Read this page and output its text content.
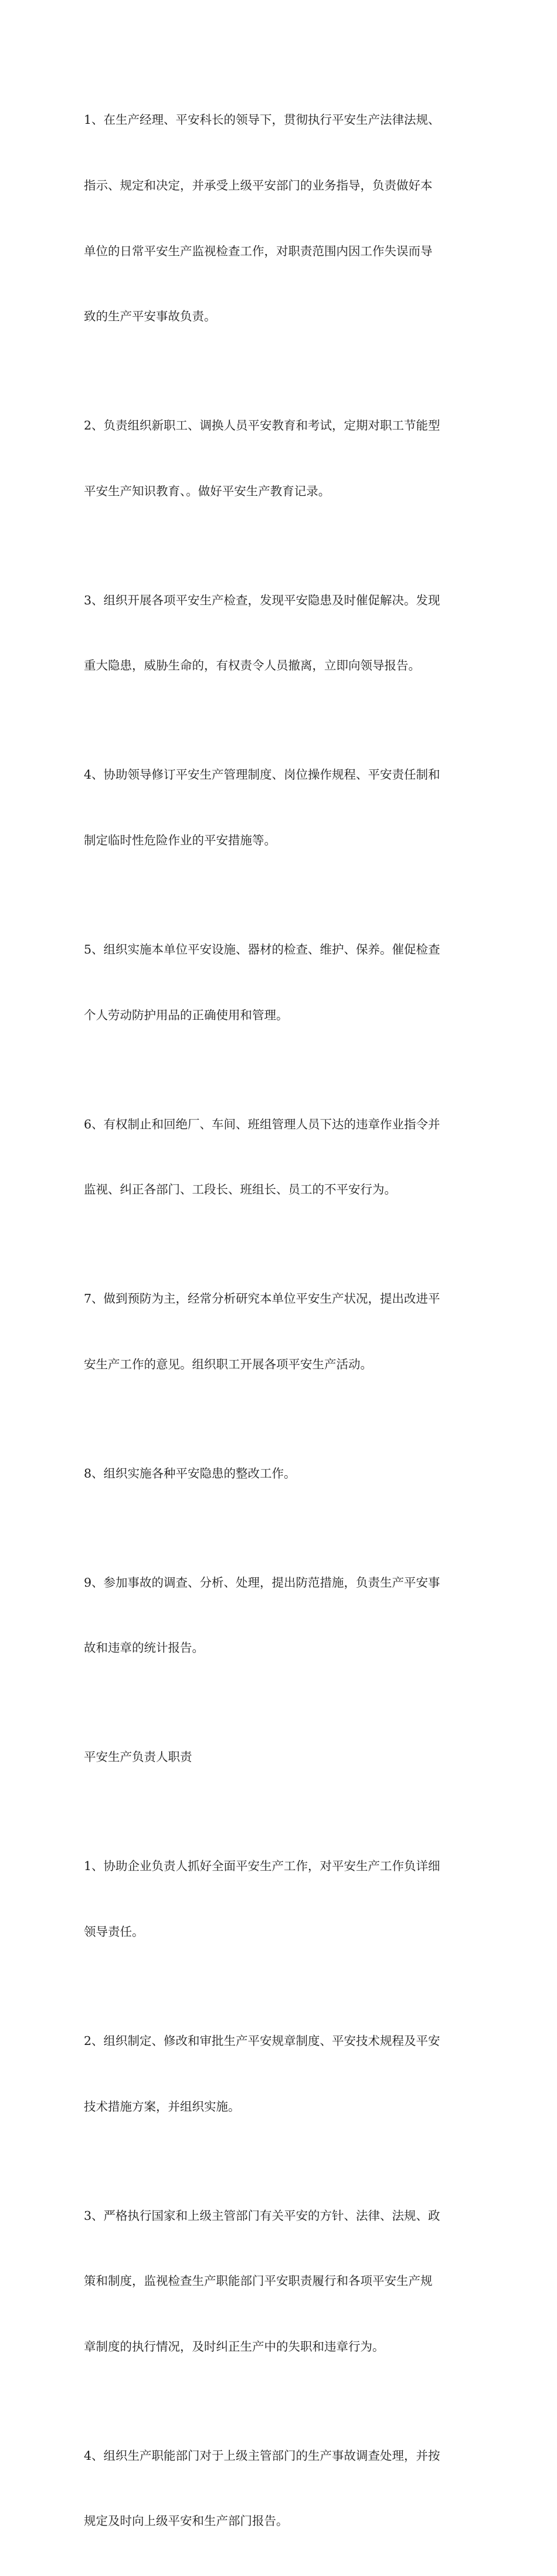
1、在生产经理、平安科长的领导下，贯彻执行平安生产法律法规、

指示、规定和决定，并承受上级平安部门的业务指导，负责做好本

单位的日常平安生产监视检查工作，对职责范围内因工作失误而导

致的生产平安事故负责。

2、负责组织新职工、调换人员平安教育和考试，定期对职工节能型

平安生产知识教育、。做好平安生产教育记录。

3、组织开展各项平安生产检查，发现平安隐患及时催促解决。发现

重大隐患，威胁生命的，有权责令人员撤离，立即向领导报告。

4、协助领导修订平安生产管理制度、岗位操作规程、平安责任制和

制定临时性危险作业的平安措施等。

5、组织实施本单位平安设施、器材的检查、维护、保养。催促检查

个人劳动防护用品的正确使用和管理。

6、有权制止和回绝厂、车间、班组管理人员下达的违章作业指令并

监视、纠正各部门、工段长、班组长、员工的不平安行为。

7、做到预防为主，经常分析研究本单位平安生产状况，提出改进平

安生产工作的意见。组织职工开展各项平安生产活动。

8、组织实施各种平安隐患的整改工作。

9、参加事故的调查、分析、处理，提出防范措施，负责生产平安事

故和违章的统计报告。

平安生产负责人职责

1、协助企业负责人抓好全面平安生产工作，对平安生产工作负详细

领导责任。

2、组织制定、修改和审批生产平安规章制度、平安技术规程及平安

技术措施方案，并组织实施。

3、严格执行国家和上级主管部门有关平安的方针、法律、法规、政

策和制度，监视检查生产职能部门平安职责履行和各项平安生产规

章制度的执行情况，及时纠正生产中的失职和违章行为。

4、组织生产职能部门对于上级主管部门的生产事故调查处理，并按

规定及时向上级平安和生产部门报告。
